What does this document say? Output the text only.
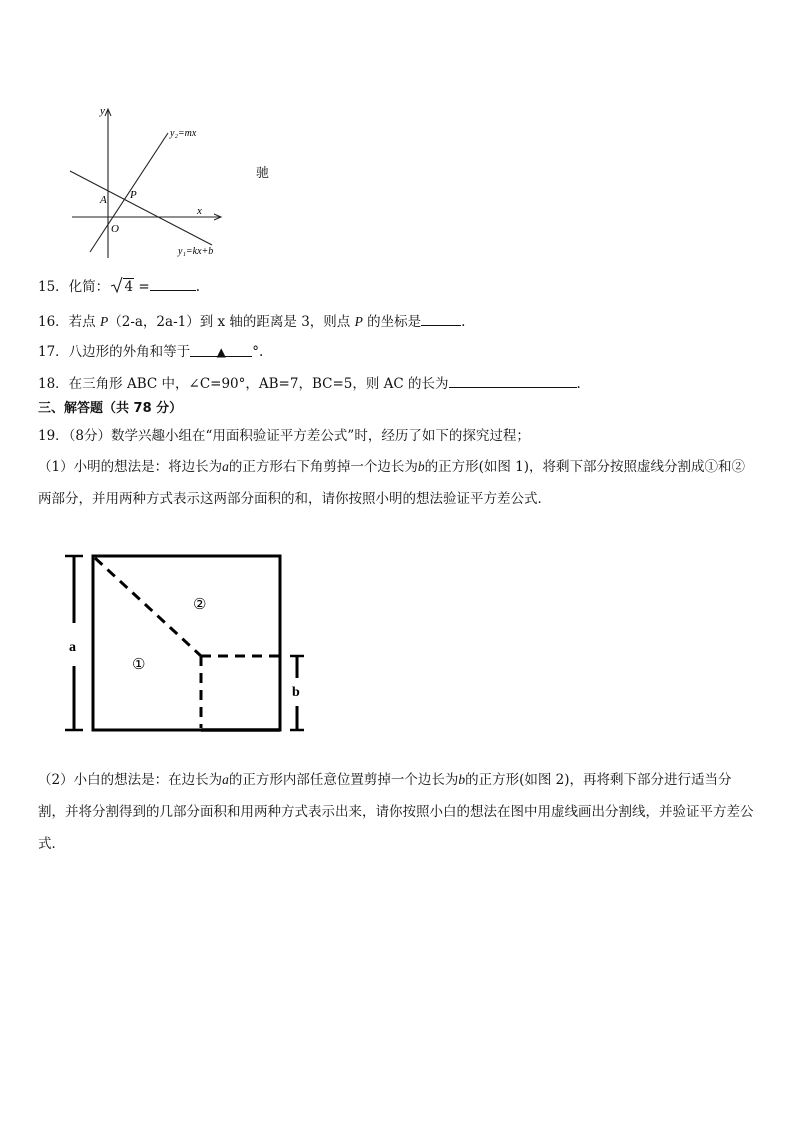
y
x
y₂=mx
y₁=kx+b
A P
O
驰
15．化简： 4 =	.
16．若点 P（2-a，2a-1）到 x 轴的距离是 3，则点 P 的坐标是	.
17．八边形的外角和等于 ▲ °.
18．在三角形 ABC 中，∠C=90°，AB=7，BC=5，则 AC 的长为	.
三、解答题（共 78 分）
19．（8分）数学兴趣小组在“用面积验证平方差公式”时，经历了如下的探究过程；
（1）小明的想法是：将边长为a的正方形右下角剪掉一个边长为b的正方形(如图 1)，将剩下部分按照虚线分割成①和②两部分，并用两种方式表示这两部分面积的和，请你按照小明的想法验证平方差公式．
a
b
②
①
（2）小白的想法是：在边长为a的正方形内部任意位置剪掉一个边长为b的正方形(如图 2)，再将剩下部分进行适当分割，并将分割得到的几部分面积和用两种方式表示出来，请你按照小白的想法在图中用虚线画出分割线，并验证平方差公式．
